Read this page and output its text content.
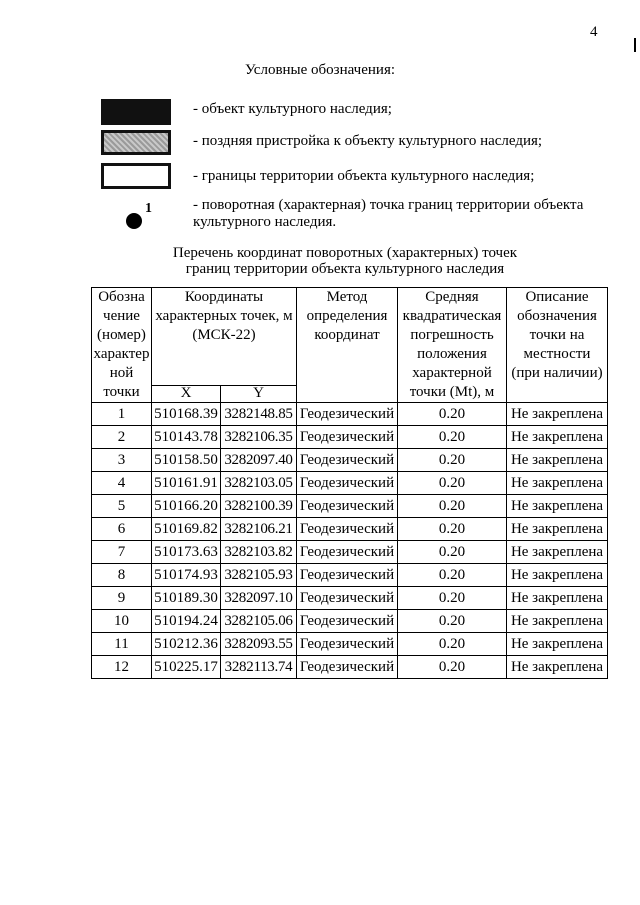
4
Условные обозначения:
- объект культурного наследия;
- поздняя пристройка к объекту культурного наследия;
- границы территории объекта культурного наследия;
1	- поворотная (характерная) точка границ территории объекта культурного наследия.
Перечень координат поворотных (характерных) точек
границ территории объекта культурного наследия
Обозна чение (номер) характер ной точки	Координаты характерных точек, м (МСК-22)		Метод определения координат	Средняя квадратическая погрешность положения характерной точки (Mt), м	Описание обозначения точки на местности (при наличии)
	X	Y			
1	510168.39	3282148.85	Геодезический	0.20	Не закреплена
2	510143.78	3282106.35	Геодезический	0.20	Не закреплена
3	510158.50	3282097.40	Геодезический	0.20	Не закреплена
4	510161.91	3282103.05	Геодезический	0.20	Не закреплена
5	510166.20	3282100.39	Геодезический	0.20	Не закреплена
6	510169.82	3282106.21	Геодезический	0.20	Не закреплена
7	510173.63	3282103.82	Геодезический	0.20	Не закреплена
8	510174.93	3282105.93	Геодезический	0.20	Не закреплена
9	510189.30	3282097.10	Геодезический	0.20	Не закреплена
10	510194.24	3282105.06	Геодезический	0.20	Не закреплена
11	510212.36	3282093.55	Геодезический	0.20	Не закреплена
12	510225.17	3282113.74	Геодезический	0.20	Не закреплена
